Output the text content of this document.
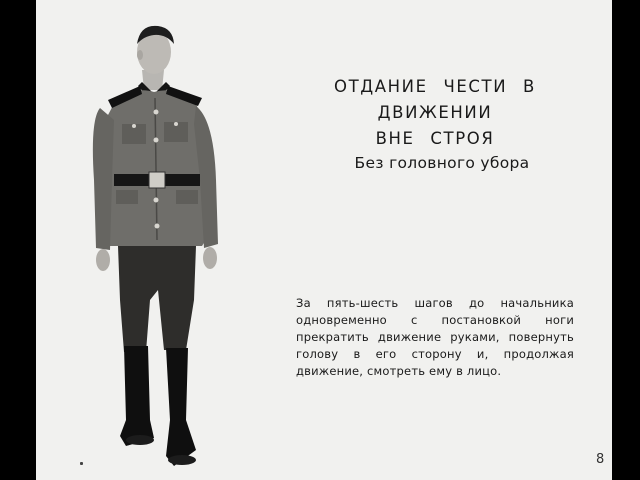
ОТДАНИЕ ЧЕСТИ В ДВИЖЕНИИ
ВНЕ СТРОЯ
Без головного убора
За пять-шесть шагов до начальника одновременно с постановкой ноги прекратить движение руками, повернуть голову в его сторону и, продолжая движение, смотреть ему в лицо.
8
